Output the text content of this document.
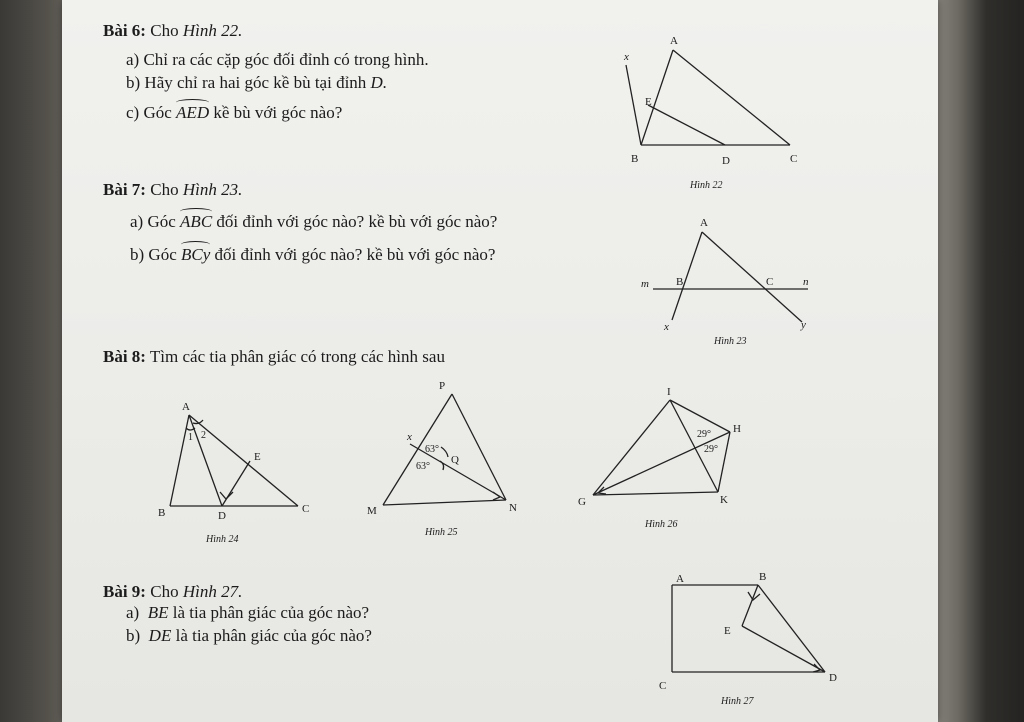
Bài 6: Cho Hình 22.
a) Chỉ ra các cặp góc đối đỉnh có trong hình.
b) Hãy chỉ ra hai góc kề bù tại đỉnh D.
c) Góc AED kề bù với góc nào?
Bài 7: Cho Hình 23.
a) Góc ABC đối đỉnh với góc nào? kề bù với góc nào?
b) Góc BCy đối đỉnh với góc nào? kề bù với góc nào?
Bài 8: Tìm các tia phân giác có trong các hình sau
Bài 9: Cho Hình 27.
a) BE là tia phân giác của góc nào?
b) DE là tia phân giác của góc nào?
A
x
E
B	D	C
Hình 22
A
m B	C	n
x	y
Hình 23
A
1 2
E
B	D
C
Hình 24
P
x
63°
63°
Q
M	N
Hình 25
I
29°
29°
H
G	K
Hình 26
A	B
E
C
D
Hình 27
